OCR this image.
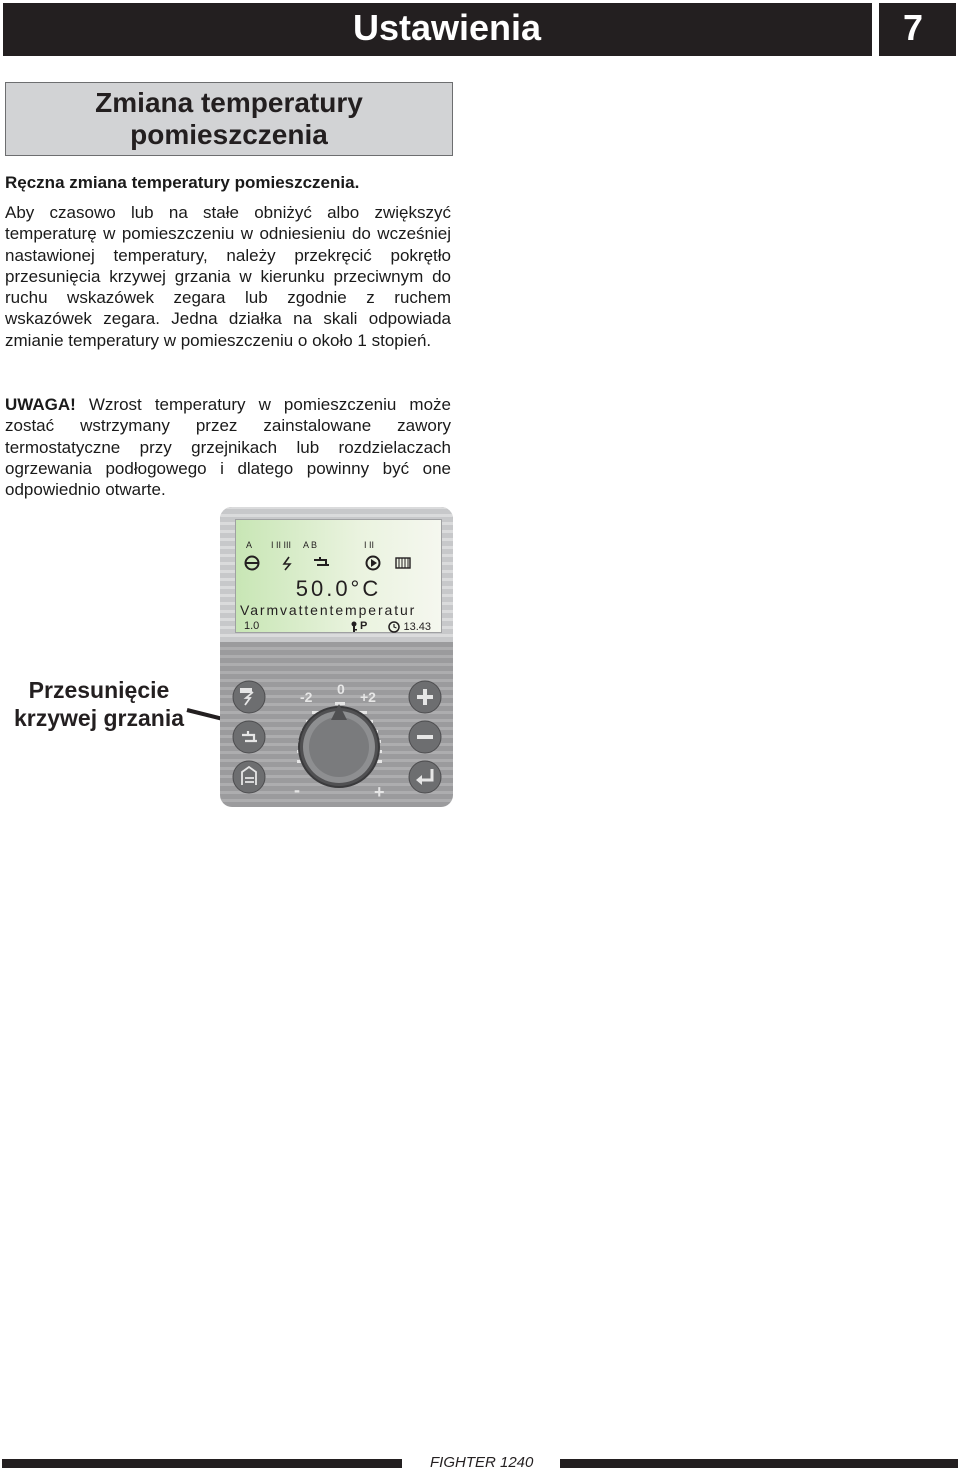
Ustawienia	7
Zmiana temperatury
pomieszczenia
Ręczna zmiana temperatury pomieszczenia.

Aby czasowo lub na stałe obniżyć albo zwiększyć temperaturę w pomieszczeniu w odniesieniu do wcześniej nastawionej temperatury, należy przekręcić pokrętło przesunięcia krzywej grzania w kierunku przeciwnym do ruchu wskazówek zegara lub zgodnie z ruchem wskazówek zegara. Jedna działka na skali odpowiada zmianie temperatury w pomieszczeniu o około 1 stopień.

UWAGA! Wzrost temperatury w pomieszczeniu może zostać wstrzymany przez zainstalowane zawory termostatyczne przy grzejnikach lub rozdzielaczach ogrzewania podłogowego i dlatego powinny być one odpowiednio otwarte.

Przesunięcie
krzywej grzania
A I II III A B	I II
50.0°C
Varmvattentemperatur
1.0	P	13.43
0
-2	+2
-	+
FIGHTER 1240
